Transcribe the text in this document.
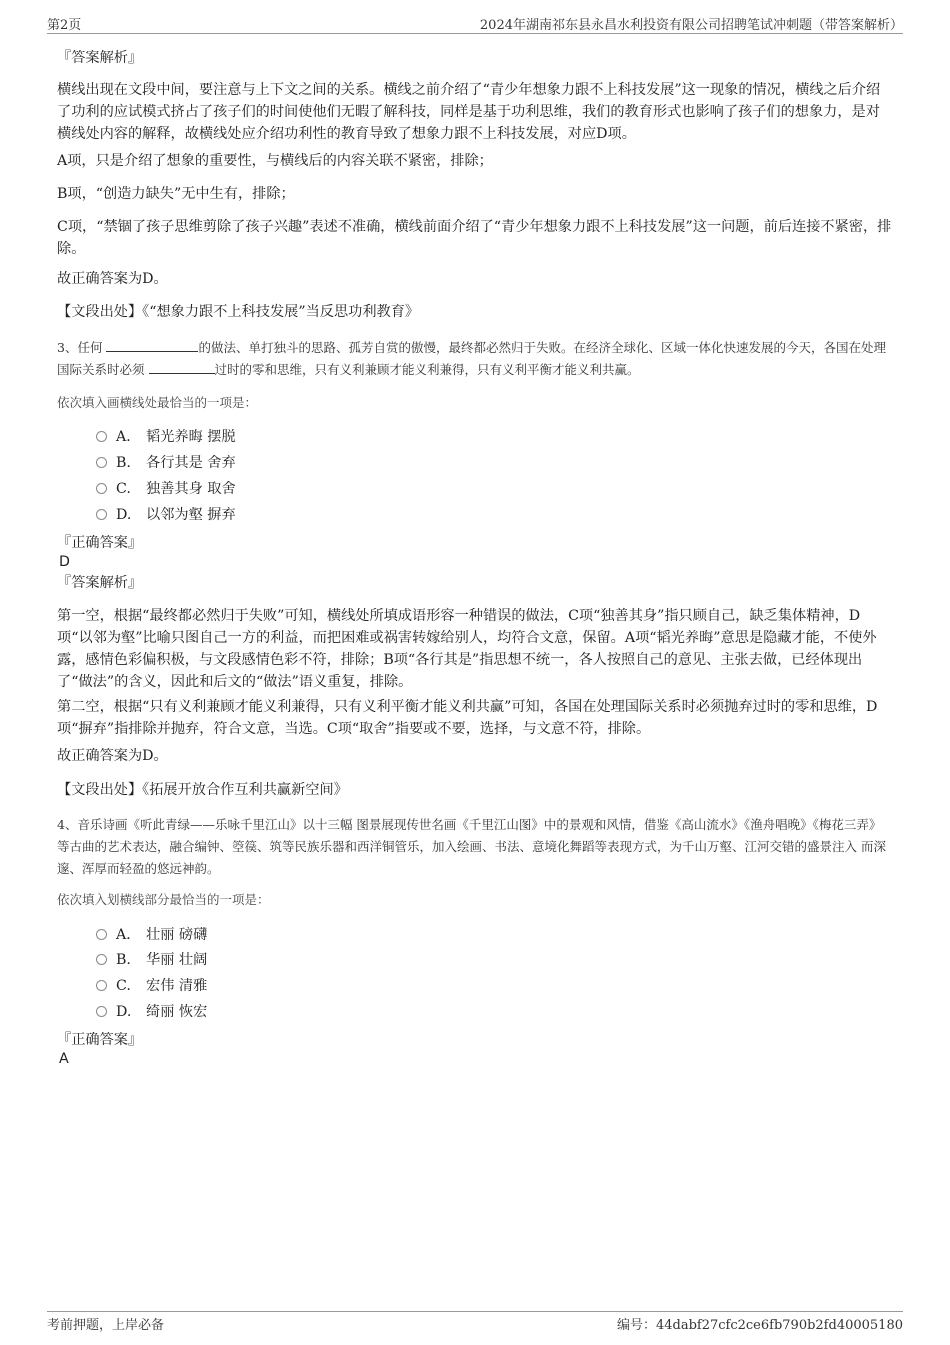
第2页	2024年湖南祁东县永昌水利投资有限公司招聘笔试冲刺题（带答案解析）
『答案解析』

横线出现在文段中间，要注意与上下文之间的关系。横线之前介绍了“青少年想象力跟不上科技发展”这一现象的情况，横线之后介绍了功利的应试模式挤占了孩子们的时间使他们无暇了解科技，同样是基于功利思维，我们的教育形式也影响了孩子们的想象力，是对横线处内容的解释，故横线处应介绍功利性的教育导致了想象力跟不上科技发展，对应D项。

A项，只是介绍了想象的重要性，与横线后的内容关联不紧密，排除；

B项，“创造力缺失”无中生有，排除；

C项，“禁锢了孩子思维剪除了孩子兴趣”表述不准确，横线前面介绍了“青少年想象力跟不上科技发展”这一问题，前后连接不紧密，排除。

故正确答案为D。

【文段出处】《“想象力跟不上科技发展”当反思功利教育》

3、任何	的做法、单打独斗的思路、孤芳自赏的傲慢，最终都必然归于失败。在经济全球化、区域一体化快速发展的今天，各国在处理国际关系时必须	过时的零和思维，只有义利兼顾才能义利兼得，只有义利平衡才能义利共赢。

依次填入画横线处最恰当的一项是：
A． 韬光养晦 摆脱
B. 各行其是 舍弃
C. 独善其身 取舍
D. 以邻为壑 摒弃
『正确答案』
D
『答案解析』

第一空，根据“最终都必然归于失败”可知，横线处所填成语形容一种错误的做法，C项“独善其身”指只顾自己，缺乏集体精神，D项“以邻为壑”比喻只图自己一方的利益，而把困难或祸害转嫁给别人，均符合文意，保留。A项“韬光养晦”意思是隐藏才能，不使外露，感情色彩偏积极，与文段感情色彩不符，排除；B项“各行其是”指思想不统一，各人按照自己的意见、主张去做，已经体现出了“做法”的含义，因此和后文的“做法”语义重复，排除。

第二空，根据“只有义利兼顾才能义利兼得，只有义利平衡才能义利共赢”可知，各国在处理国际关系时必须抛弃过时的零和思维，D项“摒弃”指排除并抛弃，符合文意，当选。C项“取舍”指要或不要，选择，与文意不符，排除。

故正确答案为D。

【文段出处】《拓展开放合作互利共赢新空间》

4、音乐诗画《听此青绿——乐咏千里江山》以十三幅 图景展现传世名画《千里江山图》中的景观和风情，借鉴《高山流水》《渔舟唱晚》《梅花三弄》等古曲的艺术表达，融合编钟、箜篌、筑等民族乐器和西洋铜管乐，加入绘画、书法、意境化舞蹈等表现方式，为千山万壑、江河交错的盛景注入 而深邃、浑厚而轻盈的悠远神韵。

依次填入划横线部分最恰当的一项是：
A． 壮丽 磅礴
B. 华丽 壮阔
C. 宏伟 清雅
D. 绮丽 恢宏
『正确答案』
A
考前押题，上岸必备	编号：44dabf27cfc2ce6fb790b2fd40005180
